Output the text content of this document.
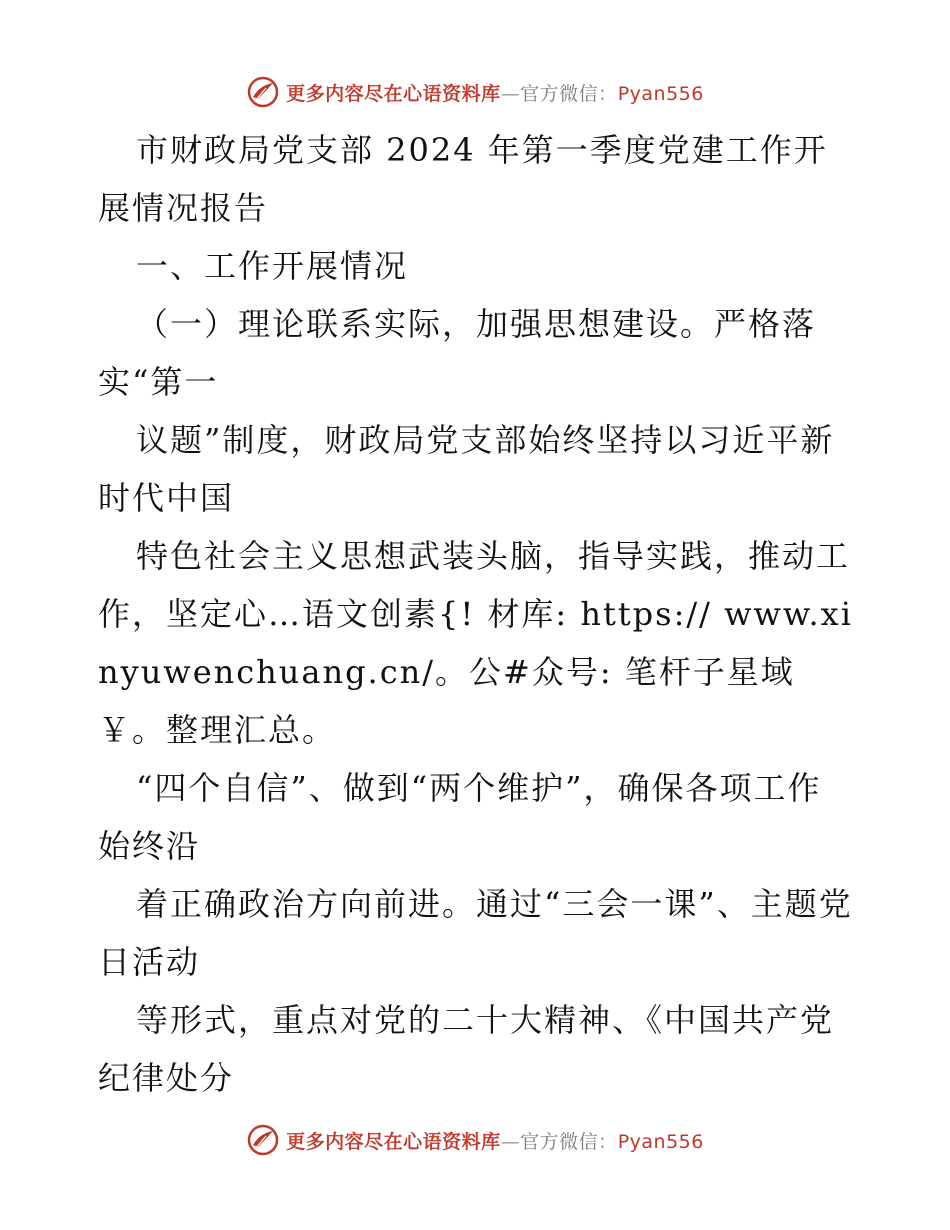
更多内容尽在心语资料库—官方微信：Pyan556

市财政局党支部 2024 年第一季度党建工作开展情况报告

一、工作开展情况

（一）理论联系实际，加强思想建设。严格落实“第一

议题”制度，财政局党支部始终坚持以习近平新时代中国

特色社会主义思想武装头脑，指导实践，推动工作，坚定心…语文创素{! 材库: https:// www.xinyuwenchuang.cn/。公#众号: 笔杆子星域￥。整理汇总。

“四个自信”、做到“两个维护”，确保各项工作始终沿

着正确政治方向前进。通过“三会一课”、主题党日活动

等形式，重点对党的二十大精神、《中国共产党纪律处分

更多内容尽在心语资料库—官方微信：Pyan556
